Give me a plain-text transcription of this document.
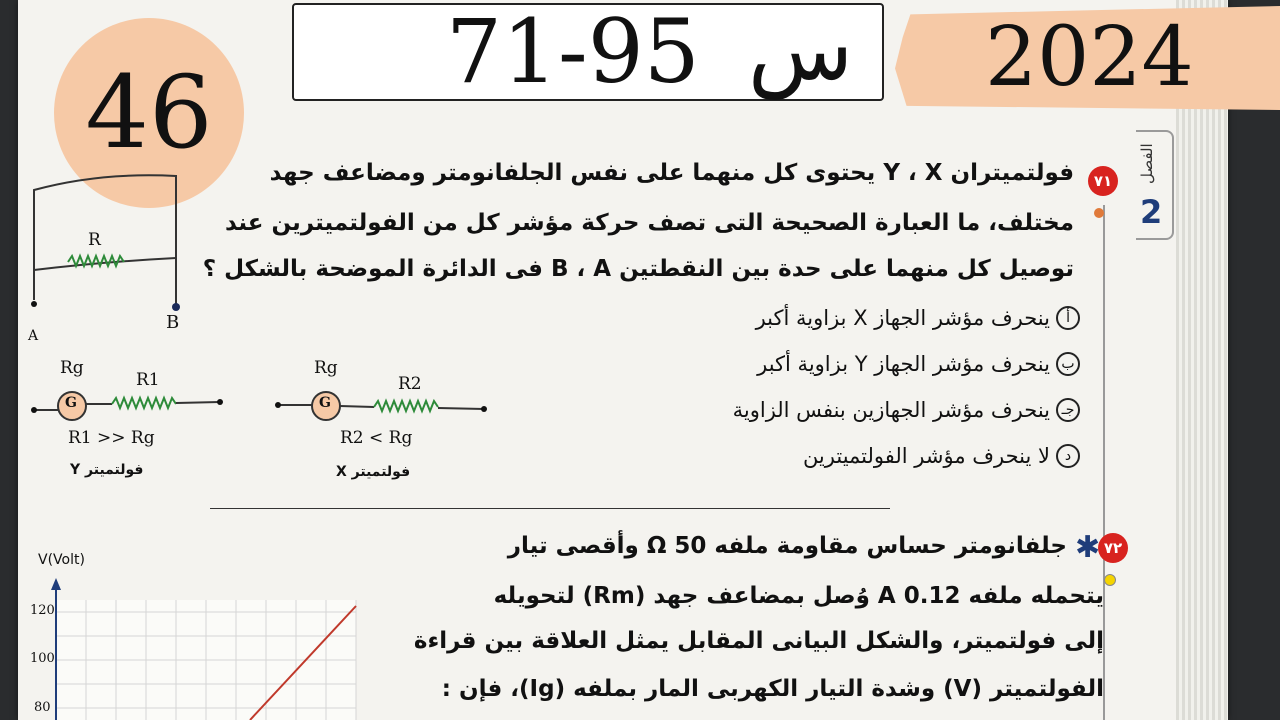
71-95 س 2024
46	الفصل
2
٧١
فولتميتران Y ، X يحتوى كل منهما على نفس الجلفانومتر ومضاعف جهد
مختلف، ما العبارة الصحيحة التى تصف حركة مؤشر كل من الفولتميترين عند
توصيل كل منهما على حدة بين النقطتين B ، A فى الدائرة الموضحة بالشكل ؟
أ
ينحرف مؤشر الجهاز X بزاوية أكبر
ب
ينحرف مؤشر الجهاز Y بزاوية أكبر
جـ
ينحرف مؤشر الجهازين بنفس الزاوية
د
لا ينحرف مؤشر الفولتميترين
R
A
B
Rg
R1
G
R1 >> Rg
فولتميتر Y
Rg
R2
G
R2 < Rg
فولتميتر X
٧٢
✱
جلفانومتر حساس مقاومة ملفه Ω 50 وأقصى تيار
يتحمله ملفه A 0.12 وُصل بمضاعف جهد (Rm) لتحويله
إلى فولتميتر، والشكل البيانى المقابل يمثل العلاقة بين قراءة
الفولتميتر (V) وشدة التيار الكهربى المار بملفه (Ig)، فإن :
V(Volt)
120
100
80
